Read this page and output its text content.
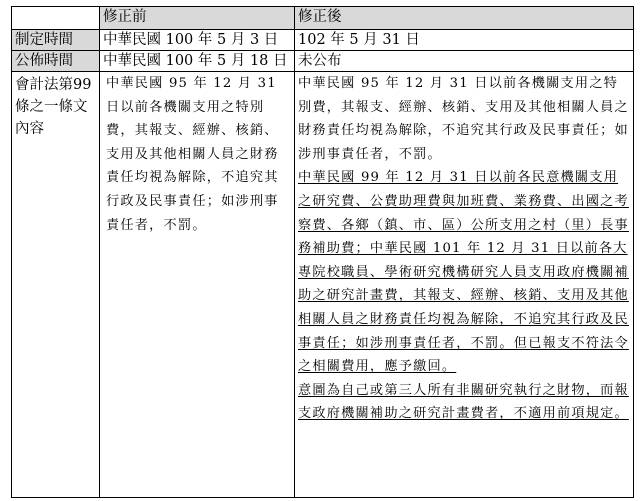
	修正前	修正後
制定時間	中華民國 100 年 5 月 3 日	102 年 5 月 31 日
公佈時間	中華民國 100 年 5 月 18 日	未公布
會計法第99條之一條文內容	中華民國 95 年 12 月 31 日以前各機關支用之特別費，其報支、經辦、核銷、支用及其他相關人員之財務責任均視為解除，不追究其行政及民事責任；如涉刑事責任者，不罰。	中華民國 95 年 12 月 31 日以前各機關支用之特別費，其報支、經辦、核銷、支用及其他相關人員之財務責任均視為解除，不追究其行政及民事責任；如涉刑事責任者，不罰。

中華民國 99 年 12 月 31 日以前各民意機關支用之研究費、公費助理費與加班費、業務費、出國之考察費、各鄉（鎮、市、區）公所支用之村（里）長事務補助費；中華民國 101 年 12 月 31 日以前各大專院校職員、學術研究機構研究人員支用政府機關補助之研究計畫費，其報支、經辦、核銷、支用及其他相關人員之財務責任均視為解除，不追究其行政及民事責任；如涉刑事責任者，不罰。但已報支不符法令之相關費用，應予繳回。

意圖為自己或第三人所有非關研究執行之財物，而報支政府機關補助之研究計畫費者，不適用前項規定。
